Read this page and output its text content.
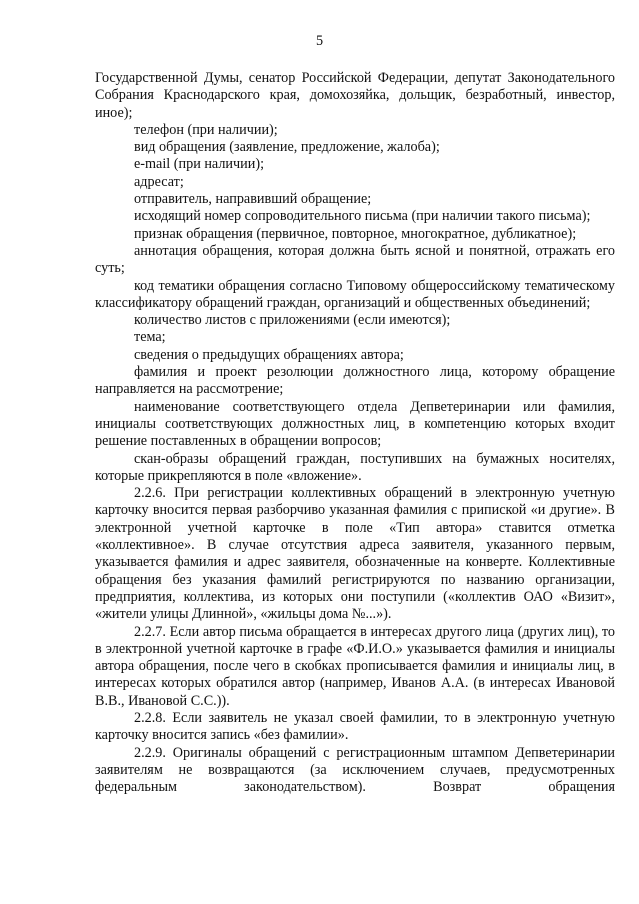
5

Государственной Думы, сенатор Российской Федерации, депутат Законодательного Собрания Краснодарского края, домохозяйка, дольщик, безработный, инвестор, иное);

телефон (при наличии);

вид обращения (заявление, предложение, жалоба);

e-mail (при наличии);

адресат;

отправитель, направивший обращение;

исходящий номер сопроводительного письма (при наличии такого письма);

признак обращения (первичное, повторное, многократное, дубликатное);

аннотация обращения, которая должна быть ясной и понятной, отражать его суть;

код тематики обращения согласно Типовому общероссийскому тематическому классификатору обращений граждан, организаций и общественных объединений;

количество листов с приложениями (если имеются);

тема;

сведения о предыдущих обращениях автора;

фамилия и проект резолюции должностного лица, которому обращение направляется на рассмотрение;

наименование соответствующего отдела Депветеринарии или фамилия, инициалы соответствующих должностных лиц, в компетенцию которых входит решение поставленных в обращении вопросов;

скан-образы обращений граждан, поступивших на бумажных носителях, которые прикрепляются в поле «вложение».

2.2.6. При регистрации коллективных обращений в электронную учетную карточку вносится первая разборчиво указанная фамилия с припиской «и другие». В электронной учетной карточке в поле «Тип автора» ставится отметка «коллективное». В случае отсутствия адреса заявителя, указанного первым, указывается фамилия и адрес заявителя, обозначенные на конверте. Коллективные обращения без указания фамилий регистрируются по названию организации, предприятия, коллектива, из которых они поступили («коллектив ОАО «Визит», «жители улицы Длинной», «жильцы дома №...»).

2.2.7. Если автор письма обращается в интересах другого лица (других лиц), то в электронной учетной карточке в графе «Ф.И.О.» указывается фамилия и инициалы автора обращения, после чего в скобках прописывается фамилия и инициалы лиц, в интересах которых обратился автор (например, Иванов А.А. (в интересах Ивановой В.В., Ивановой С.С.)).

2.2.8. Если заявитель не указал своей фамилии, то в электронную учетную карточку вносится запись «без фамилии».

2.2.9. Оригиналы обращений с регистрационным штампом Депветеринарии заявителям не возвращаются (за исключением случаев, предусмотренных федеральным законодательством). Возврат обращения
